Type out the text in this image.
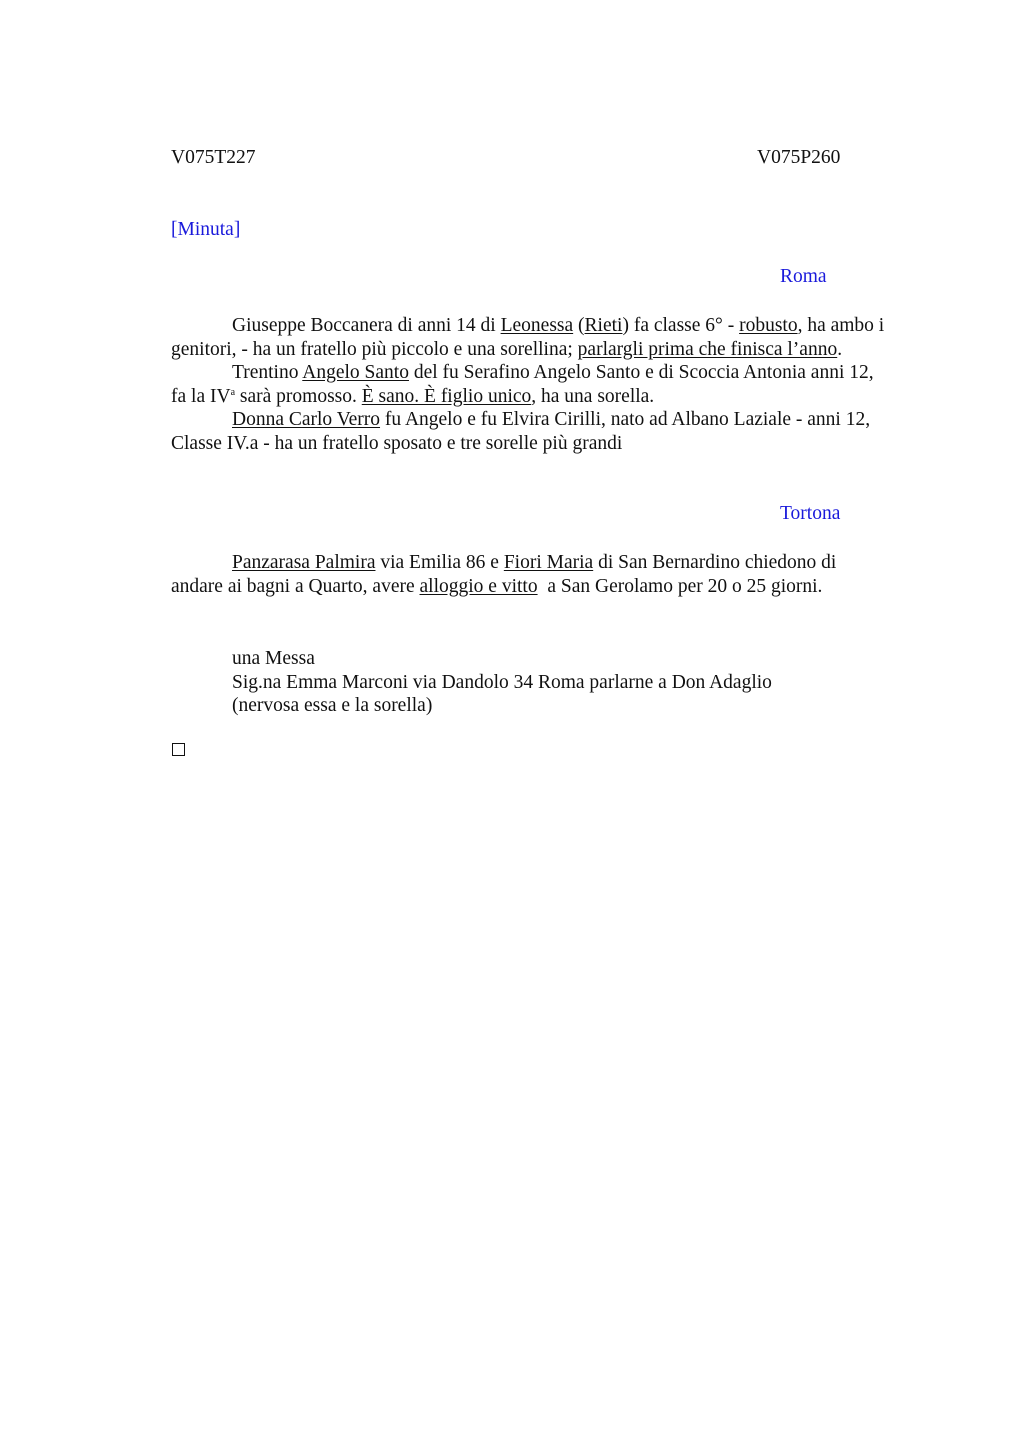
V075T227	V075P260
[Minuta]
Roma
Giuseppe Boccanera di anni 14 di Leonessa (Rieti) fa classe 6° - robusto, ha ambo i
genitori, - ha un fratello più piccolo e una sorellina; parlargli prima che finisca l’anno.
Trentino Angelo Santo del fu Serafino Angelo Santo e di Scoccia Antonia anni 12,
fa la $IV^a$ sarà promosso. È sano. È figlio unico, ha una sorella.
Donna Carlo Verro fu Angelo e fu Elvira Cirilli, nato ad Albano Laziale - anni 12,
Classe IV.a - ha un fratello sposato e tre sorelle più grandi
Tortona
Panzarasa Palmira via Emilia 86 e Fiori Maria di San Bernardino chiedono di
andare ai bagni a Quarto, avere alloggio e vitto  a San Gerolamo per 20 o 25 giorni.
una Messa
Sig.na Emma Marconi via Dandolo 34 Roma parlarne a Don Adaglio
(nervosa essa e la sorella)
